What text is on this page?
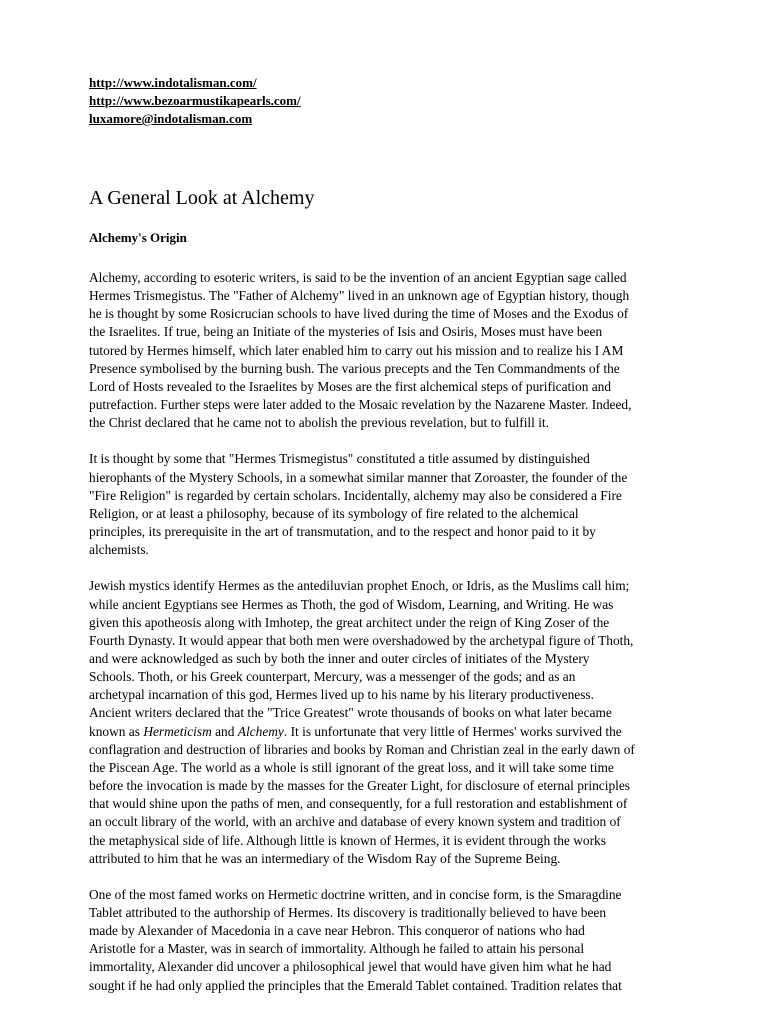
http://www.indotalisman.com/
http://www.bezoarmustikapearls.com/
luxamore@indotalisman.com
A General Look at Alchemy
Alchemy's Origin

Alchemy, according to esoteric writers, is said to be the invention of an ancient Egyptian sage called
Hermes Trismegistus. The "Father of Alchemy" lived in an unknown age of Egyptian history, though
he is thought by some Rosicrucian schools to have lived during the time of Moses and the Exodus of
the Israelites. If true, being an Initiate of the mysteries of Isis and Osiris, Moses must have been
tutored by Hermes himself, which later enabled him to carry out his mission and to realize his I AM
Presence symbolised by the burning bush. The various precepts and the Ten Commandments of the
Lord of Hosts revealed to the Israelites by Moses are the first alchemical steps of purification and
putrefaction. Further steps were later added to the Mosaic revelation by the Nazarene Master. Indeed,
the Christ declared that he came not to abolish the previous revelation, but to fulfill it.

It is thought by some that "Hermes Trismegistus" constituted a title assumed by distinguished
hierophants of the Mystery Schools, in a somewhat similar manner that Zoroaster, the founder of the
"Fire Religion" is regarded by certain scholars. Incidentally, alchemy may also be considered a Fire
Religion, or at least a philosophy, because of its symbology of fire related to the alchemical
principles, its prerequisite in the art of transmutation, and to the respect and honor paid to it by
alchemists.

Jewish mystics identify Hermes as the antediluvian prophet Enoch, or Idris, as the Muslims call him;
while ancient Egyptians see Hermes as Thoth, the god of Wisdom, Learning, and Writing. He was
given this apotheosis along with Imhotep, the great architect under the reign of King Zoser of the
Fourth Dynasty. It would appear that both men were overshadowed by the archetypal figure of Thoth,
and were acknowledged as such by both the inner and outer circles of initiates of the Mystery
Schools. Thoth, or his Greek counterpart, Mercury, was a messenger of the gods; and as an
archetypal incarnation of this god, Hermes lived up to his name by his literary productiveness.
Ancient writers declared that the "Trice Greatest" wrote thousands of books on what later became
known as Hermeticism and Alchemy. It is unfortunate that very little of Hermes' works survived the
conflagration and destruction of libraries and books by Roman and Christian zeal in the early dawn of
the Piscean Age. The world as a whole is still ignorant of the great loss, and it will take some time
before the invocation is made by the masses for the Greater Light, for disclosure of eternal principles
that would shine upon the paths of men, and consequently, for a full restoration and establishment of
an occult library of the world, with an archive and database of every known system and tradition of
the metaphysical side of life. Although little is known of Hermes, it is evident through the works
attributed to him that he was an intermediary of the Wisdom Ray of the Supreme Being.

One of the most famed works on Hermetic doctrine written, and in concise form, is the Smaragdine
Tablet attributed to the authorship of Hermes. Its discovery is traditionally believed to have been
made by Alexander of Macedonia in a cave near Hebron. This conqueror of nations who had
Aristotle for a Master, was in search of immortality. Although he failed to attain his personal
immortality, Alexander did uncover a philosophical jewel that would have given him what he had
sought if he had only applied the principles that the Emerald Tablet contained. Tradition relates that
